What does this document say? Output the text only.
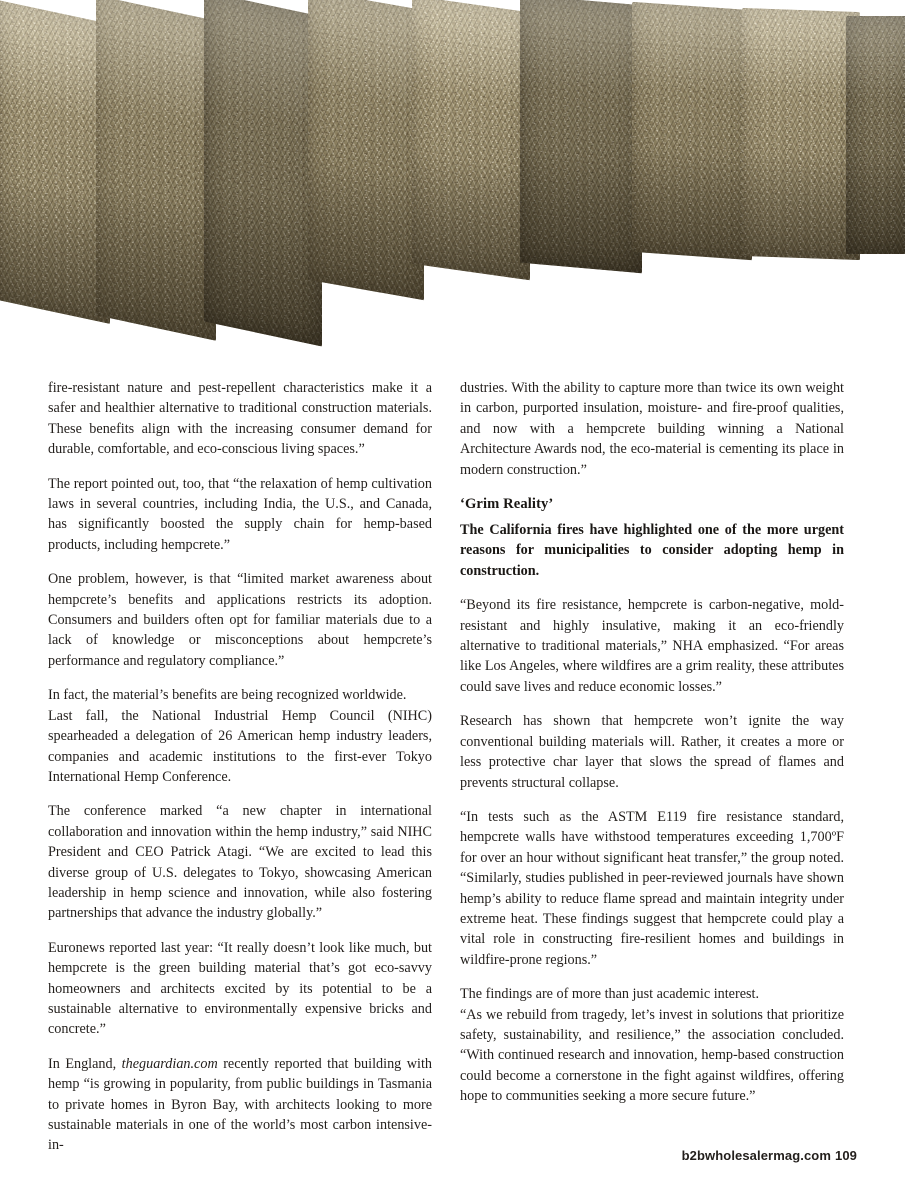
fire-resistant nature and pest-repellent characteristics make it a safer and healthier alternative to traditional construction materials. These benefits align with the increasing consumer demand for durable, comfortable, and eco-conscious living spaces.”

The report pointed out, too, that “the relaxation of hemp cultivation laws in several countries, including India, the U.S., and Canada, has significantly boosted the supply chain for hemp-based products, including hempcrete.”

One problem, however, is that “limited market awareness about hempcrete’s benefits and applications restricts its adoption. Consumers and builders often opt for familiar materials due to a lack of knowledge or misconceptions about hempcrete’s performance and regulatory compliance.”

In fact, the material’s benefits are being recognized worldwide.

Last fall, the National Industrial Hemp Council (NIHC) spearheaded a delegation of 26 American hemp industry leaders, companies and academic institutions to the first-ever Tokyo International Hemp Conference.

The conference marked “a new chapter in international collaboration and innovation within the hemp industry,” said NIHC President and CEO Patrick Atagi. “We are excited to lead this diverse group of U.S. delegates to Tokyo, showcasing American leadership in hemp science and innovation, while also fostering partnerships that advance the industry globally.”

Euronews reported last year: “It really doesn’t look like much, but hempcrete is the green building material that’s got eco-savvy homeowners and architects excited by its potential to be a sustainable alternative to environmentally expensive bricks and concrete.”

In England, theguardian.com recently reported that building with hemp “is growing in popularity, from public buildings in Tasmania to private homes in Byron Bay, with architects looking to more sustainable materials in one of the world’s most carbon intensive-in-

dustries. With the ability to capture more than twice its own weight in carbon, purported insulation, moisture- and fire-proof qualities, and now with a hempcrete building winning a National Architecture Awards nod, the eco-material is cementing its place in modern construction.”

‘Grim Reality’

The California fires have highlighted one of the more urgent reasons for municipalities to consider adopting hemp in construction.

“Beyond its fire resistance, hempcrete is carbon-negative, mold-resistant and highly insulative, making it an eco-friendly alternative to traditional materials,” NHA emphasized. “For areas like Los Angeles, where wildfires are a grim reality, these attributes could save lives and reduce economic losses.”

Research has shown that hempcrete won’t ignite the way conventional building materials will. Rather, it creates a more or less protective char layer that slows the spread of flames and prevents structural collapse.

“In tests such as the ASTM E119 fire resistance standard, hempcrete walls have withstood temperatures exceeding 1,700ºF for over an hour without significant heat transfer,” the group noted. “Similarly, studies published in peer-reviewed journals have shown hemp’s ability to reduce flame spread and maintain integrity under extreme heat. These findings suggest that hempcrete could play a vital role in constructing fire-resilient homes and buildings in wildfire-prone regions.”

The findings are of more than just academic interest.

“As we rebuild from tragedy, let’s invest in solutions that prioritize safety, sustainability, and resilience,” the association concluded. “With continued research and innovation, hemp-based construction could become a cornerstone in the fight against wildfires, offering hope to communities seeking a more secure future.”

b2bwholesalermag.com 109
